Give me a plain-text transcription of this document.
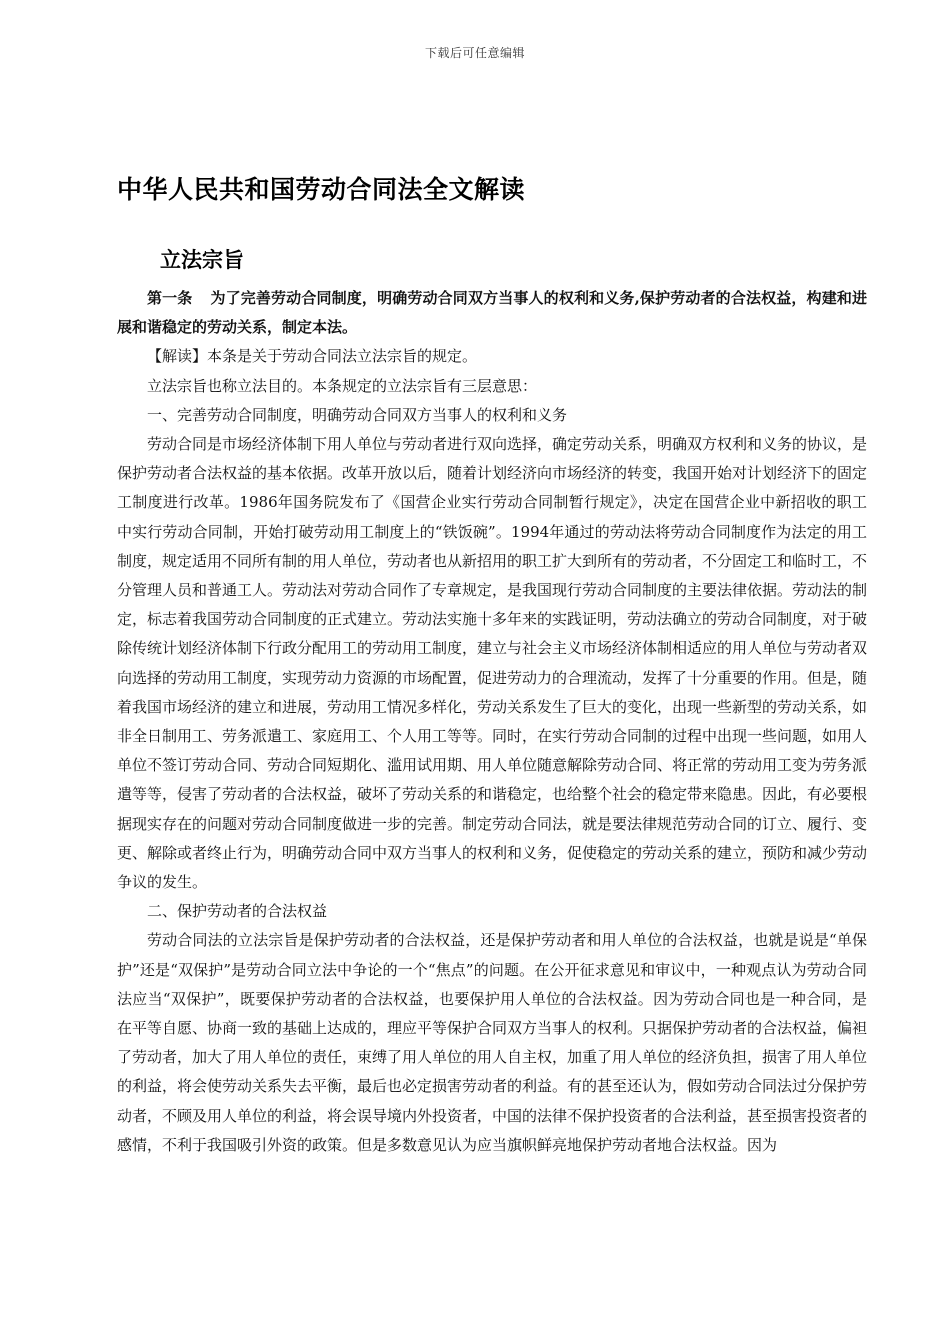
下载后可任意编辑
中华人民共和国劳动合同法全文解读
立法宗旨

第一条 为了完善劳动合同制度，明确劳动合同双方当事人的权利和义务,保护劳动者的合法权益，构建和进展和谐稳定的劳动关系，制定本法。

【解读】本条是关于劳动合同法立法宗旨的规定。

立法宗旨也称立法目的。本条规定的立法宗旨有三层意思：

一、完善劳动合同制度，明确劳动合同双方当事人的权利和义务

劳动合同是市场经济体制下用人单位与劳动者进行双向选择，确定劳动关系，明确双方权利和义务的协议，是保护劳动者合法权益的基本依据。改革开放以后，随着计划经济向市场经济的转变，我国开始对计划经济下的固定工制度进行改革。1986年国务院发布了《国营企业实行劳动合同制暂行规定》，决定在国营企业中新招收的职工中实行劳动合同制，开始打破劳动用工制度上的“铁饭碗”。1994年通过的劳动法将劳动合同制度作为法定的用工制度，规定适用不同所有制的用人单位，劳动者也从新招用的职工扩大到所有的劳动者，不分固定工和临时工，不分管理人员和普通工人。劳动法对劳动合同作了专章规定，是我国现行劳动合同制度的主要法律依据。劳动法的制定，标志着我国劳动合同制度的正式建立。劳动法实施十多年来的实践证明，劳动法确立的劳动合同制度，对于破除传统计划经济体制下行政分配用工的劳动用工制度，建立与社会主义市场经济体制相适应的用人单位与劳动者双向选择的劳动用工制度，实现劳动力资源的市场配置，促进劳动力的合理流动，发挥了十分重要的作用。但是，随着我国市场经济的建立和进展，劳动用工情况多样化，劳动关系发生了巨大的变化，出现一些新型的劳动关系，如非全日制用工、劳务派遣工、家庭用工、个人用工等等。同时，在实行劳动合同制的过程中出现一些问题，如用人单位不签订劳动合同、劳动合同短期化、滥用试用期、用人单位随意解除劳动合同、将正常的劳动用工变为劳务派遣等等，侵害了劳动者的合法权益，破坏了劳动关系的和谐稳定，也给整个社会的稳定带来隐患。因此，有必要根据现实存在的问题对劳动合同制度做进一步的完善。制定劳动合同法，就是要法律规范劳动合同的订立、履行、变更、解除或者终止行为，明确劳动合同中双方当事人的权利和义务，促使稳定的劳动关系的建立，预防和减少劳动争议的发生。

二、保护劳动者的合法权益

劳动合同法的立法宗旨是保护劳动者的合法权益，还是保护劳动者和用人单位的合法权益，也就是说是“单保护”还是“双保护”是劳动合同立法中争论的一个“焦点”的问题。在公开征求意见和审议中，一种观点认为劳动合同法应当“双保护”，既要保护劳动者的合法权益，也要保护用人单位的合法权益。因为劳动合同也是一种合同，是在平等自愿、协商一致的基础上达成的，理应平等保护合同双方当事人的权利。只据保护劳动者的合法权益，偏袒了劳动者，加大了用人单位的责任，束缚了用人单位的用人自主权，加重了用人单位的经济负担，损害了用人单位的利益，将会使劳动关系失去平衡，最后也必定损害劳动者的利益。有的甚至还认为，假如劳动合同法过分保护劳动者，不顾及用人单位的利益，将会误导境内外投资者，中国的法律不保护投资者的合法利益，甚至损害投资者的感情，不利于我国吸引外资的政策。但是多数意见认为应当旗帜鲜亮地保护劳动者地合法权益。因为
